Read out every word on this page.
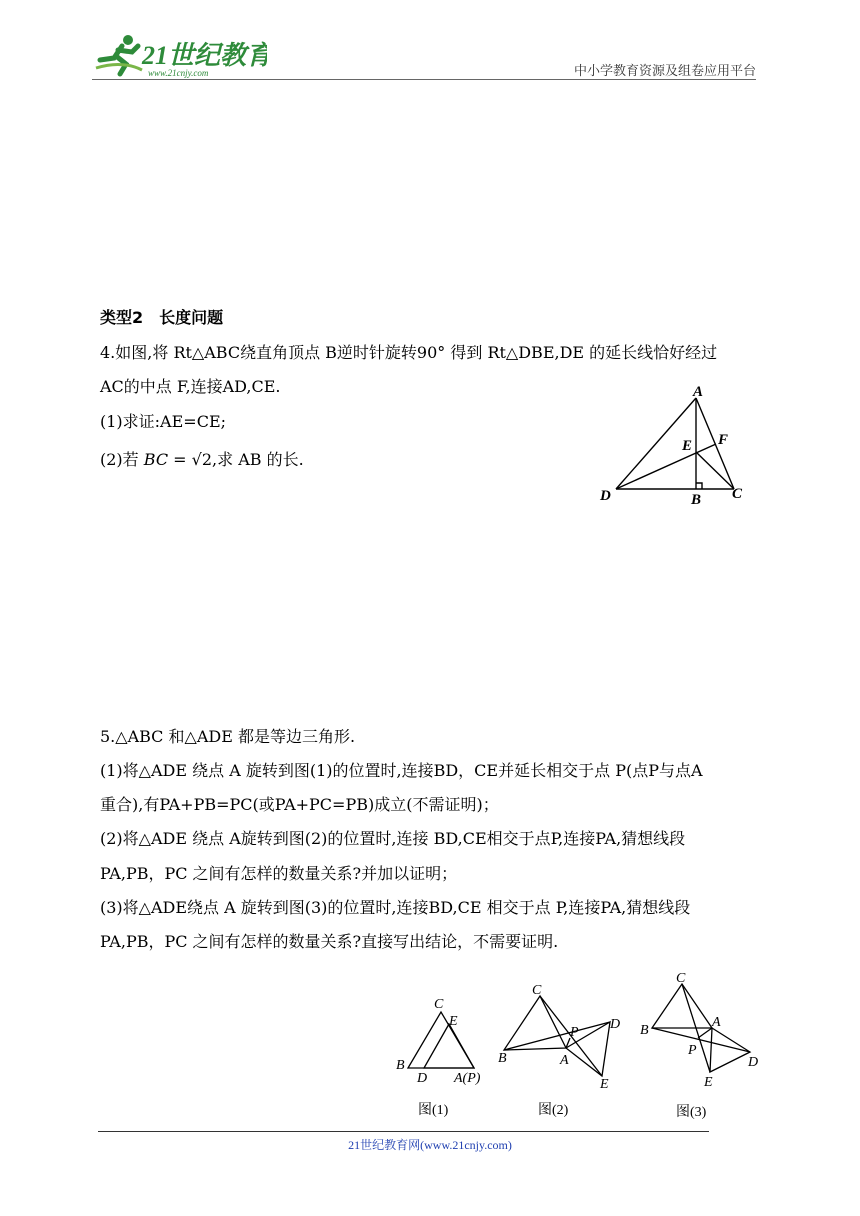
21世纪教育
www.21cnjy.com	中小学教育资源及组卷应用平台
类型2　长度问题
4.如图,将 Rt△ABC绕直角顶点 B逆时针旋转90° 得到 Rt△DBE,DE 的延长线恰好经过
AC的中点 F,连接AD,CE.
(1)求证:AE=CE;
(2)若 BC = √2,求 AB 的长.
A
E F
D	B C
5.△ABC 和△ADE 都是等边三角形.
(1)将△ADE 绕点 A 旋转到图(1)的位置时,连接BD，CE并延长相交于点 P(点P与点A
重合),有PA+PB=PC(或PA+PC=PB)成立(不需证明)；
(2)将△ADE 绕点 A旋转到图(2)的位置时,连接 BD,CE相交于点P,连接PA,猜想线段
PA,PB，PC 之间有怎样的数量关系?并加以证明；
(3)将△ADE绕点 A 旋转到图(3)的位置时,连接BD,CE 相交于点 P,连接PA,猜想线段
PA,PB，PC 之间有怎样的数量关系?直接写出结论，不需要证明.
C
E
B
D A(P)
图(1)
C
P
D
B	A
E
图(2)
C
B
A
P
D
E
图(3)
21世纪教育网(www.21cnjy.com)
